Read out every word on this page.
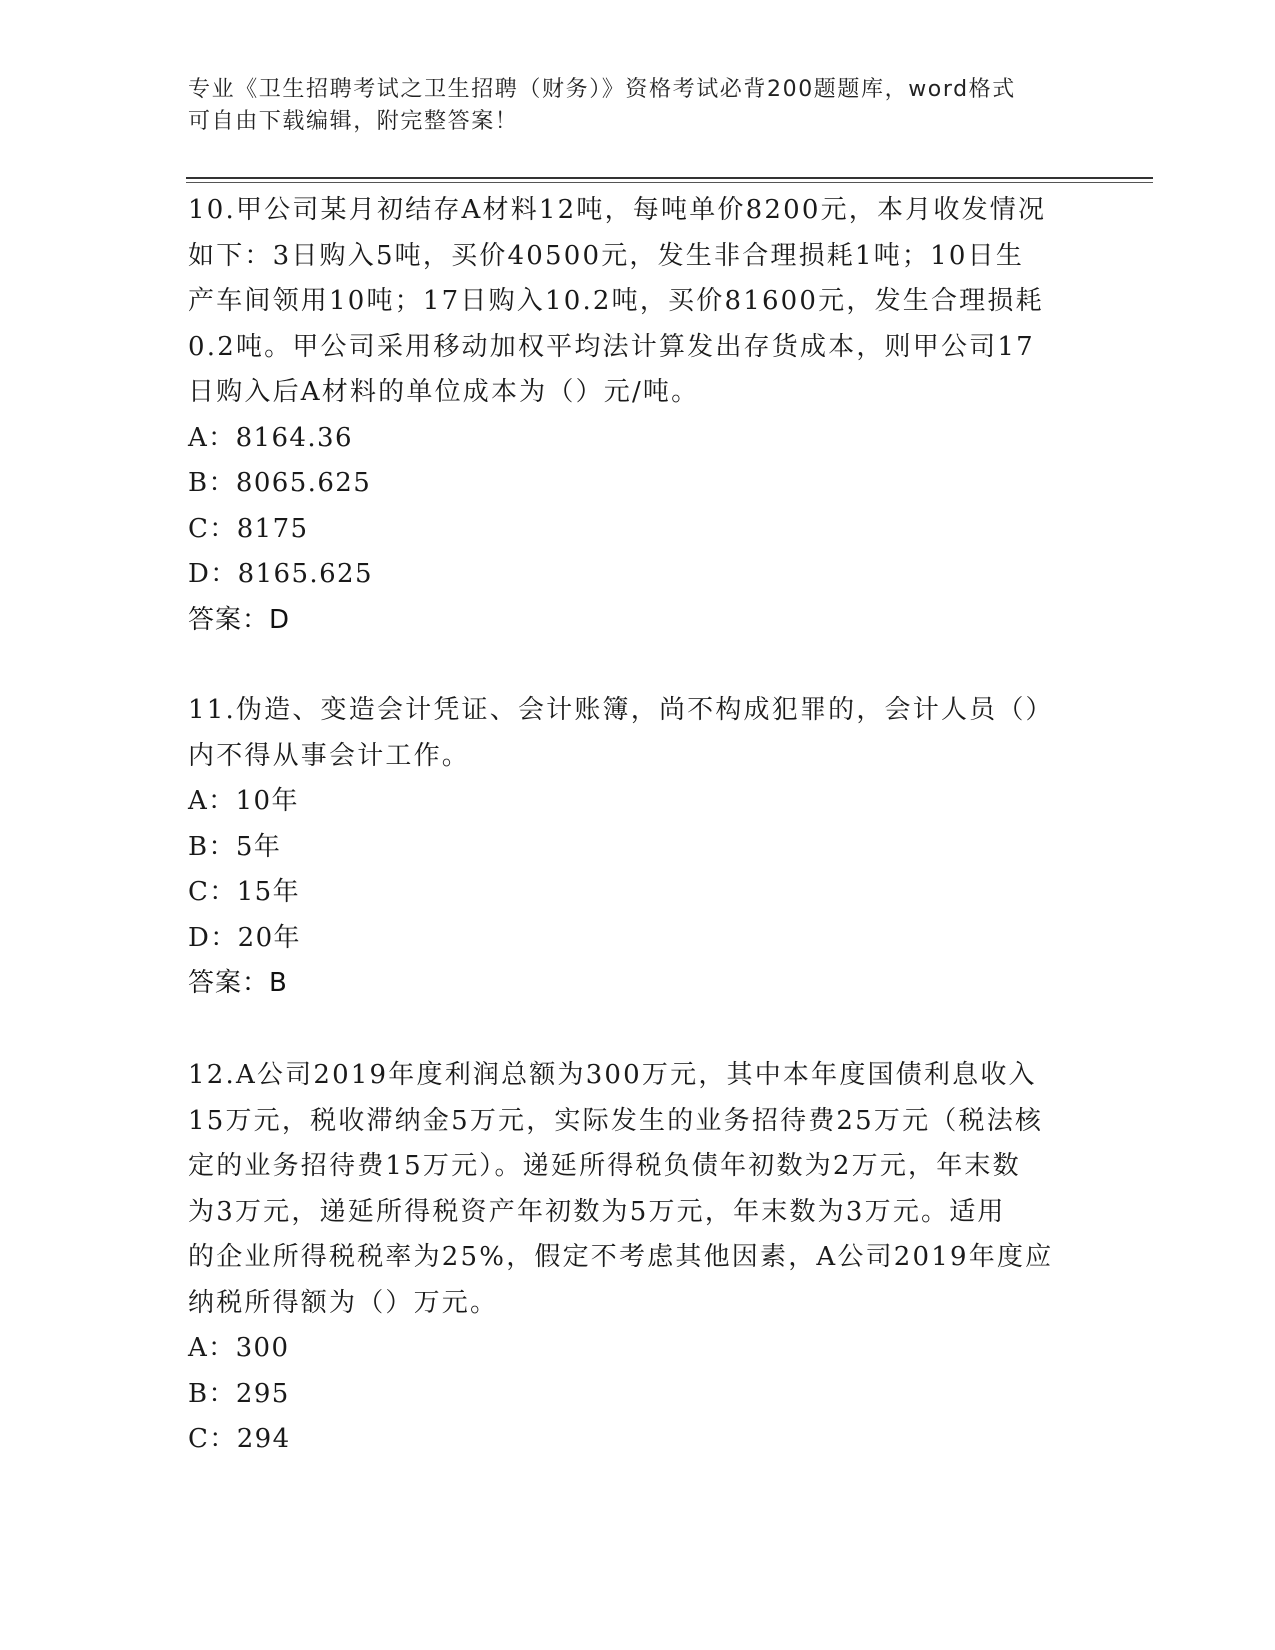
专业《卫生招聘考试之卫生招聘（财务）》资格考试必背200题题库，word格式
可自由下载编辑，附完整答案！
10.甲公司某月初结存A材料12吨，每吨单价8200元，本月收发情况
如下：3日购入5吨，买价40500元，发生非合理损耗1吨；10日生
产车间领用10吨；17日购入10.2吨，买价81600元，发生合理损耗
0.2吨。甲公司采用移动加权平均法计算发出存货成本，则甲公司17
日购入后A材料的单位成本为（）元/吨。
A：8164.36
B：8065.625
C：8175
D：8165.625
答案：D
11.伪造、变造会计凭证、会计账簿，尚不构成犯罪的，会计人员（）
内不得从事会计工作。
A：10年
B：5年
C：15年
D：20年
答案：B
12.A公司2019年度利润总额为300万元，其中本年度国债利息收入
15万元，税收滞纳金5万元，实际发生的业务招待费25万元（税法核
定的业务招待费15万元）。递延所得税负债年初数为2万元，年末数
为3万元，递延所得税资产年初数为5万元，年末数为3万元。适用
的企业所得税税率为25%，假定不考虑其他因素，A公司2019年度应
纳税所得额为（）万元。
A：300
B：295
C：294
